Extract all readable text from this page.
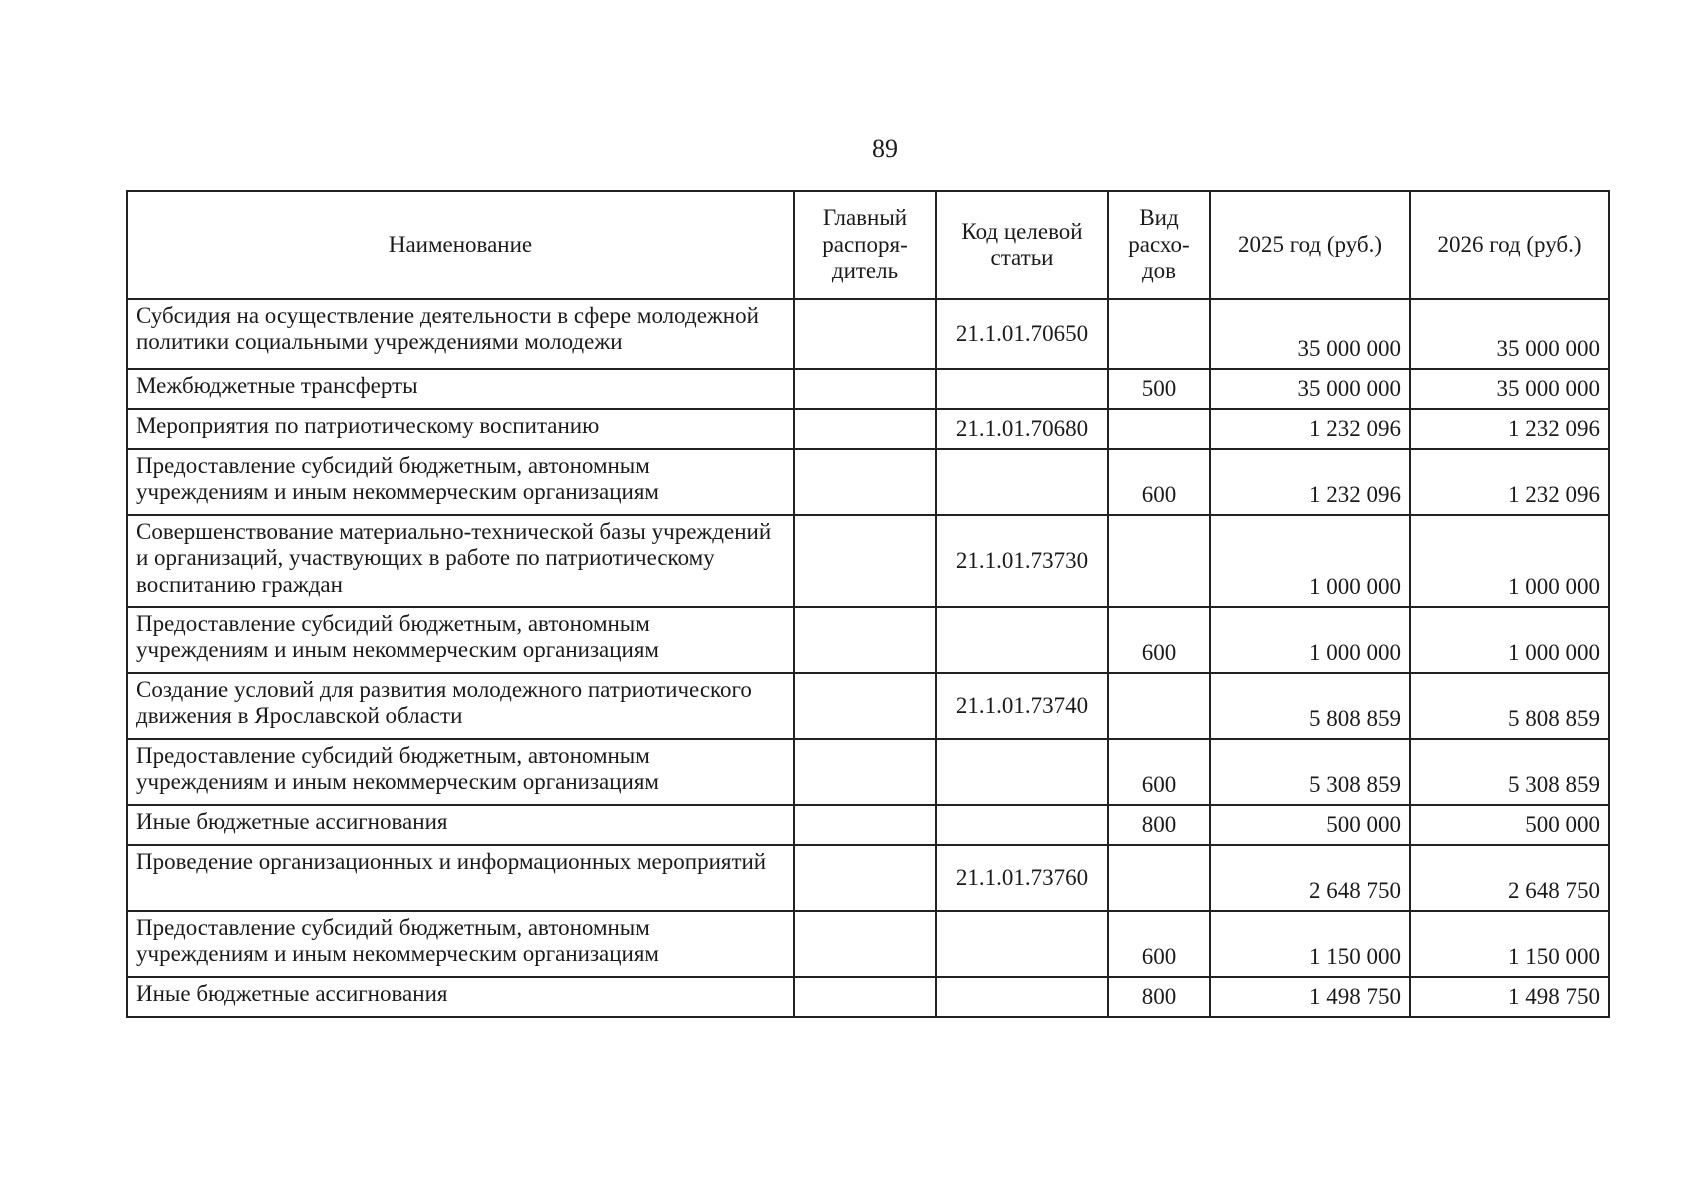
89
Наименование	Главный распоря-дитель	Код целевой статьи	Вид расхо-дов	2025 год (руб.)	2026 год (руб.)
Субсидия на осуществление деятельности в сфере молодежной политики социальными учреждениями молодежи		21.1.01.70650		35 000 000	35 000 000
Межбюджетные трансферты			500	35 000 000	35 000 000
Мероприятия по патриотическому воспитанию		21.1.01.70680		1 232 096	1 232 096
Предоставление субсидий бюджетным, автономным учреждениям и иным некоммерческим организациям			600	1 232 096	1 232 096
Совершенствование материально-технической базы учреждений и организаций, участвующих в работе по патриотическому воспитанию граждан		21.1.01.73730		1 000 000	1 000 000
Предоставление субсидий бюджетным, автономным учреждениям и иным некоммерческим организациям			600	1 000 000	1 000 000
Создание условий для развития молодежного патриотического движения в Ярославской области		21.1.01.73740		5 808 859	5 808 859
Предоставление субсидий бюджетным, автономным учреждениям и иным некоммерческим организациям			600	5 308 859	5 308 859
Иные бюджетные ассигнования			800	500 000	500 000
Проведение организационных и информационных мероприятий		21.1.01.73760		2 648 750	2 648 750
Предоставление субсидий бюджетным, автономным учреждениям и иным некоммерческим организациям			600	1 150 000	1 150 000
Иные бюджетные ассигнования			800	1 498 750	1 498 750
